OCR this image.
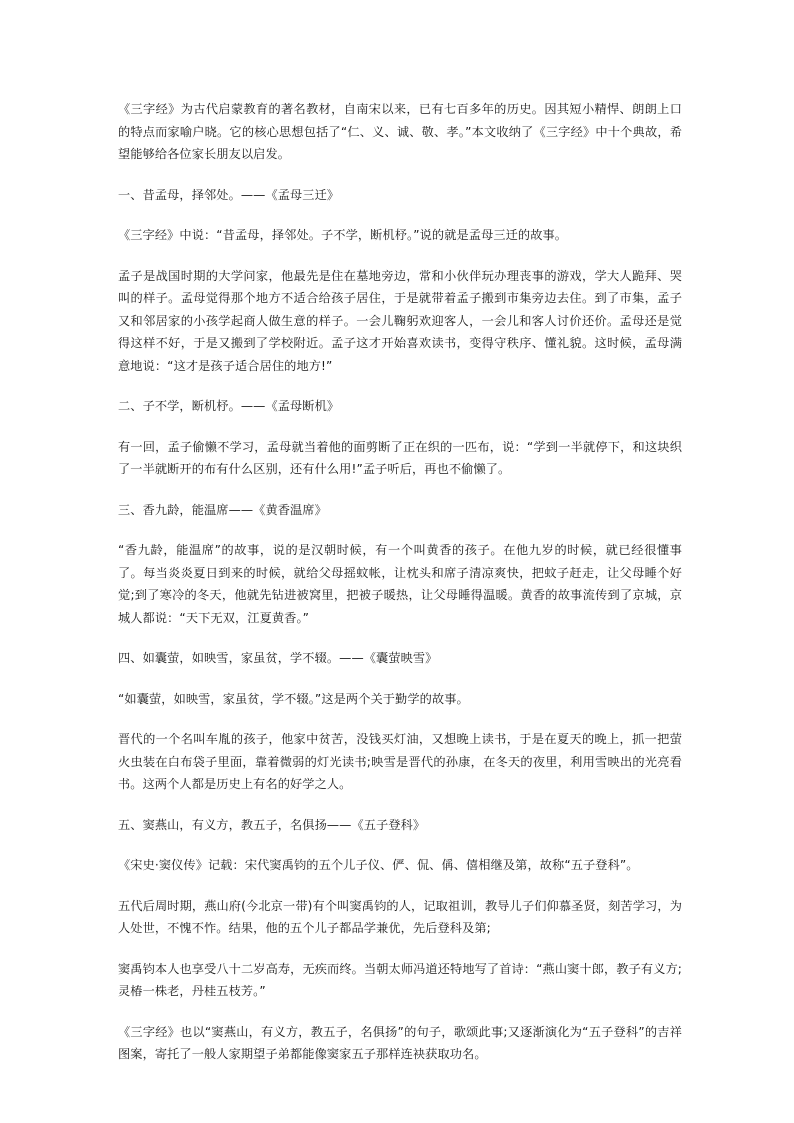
《三字经》为古代启蒙教育的著名教材，自南宋以来，已有七百多年的历史。因其短小精悍、朗朗上口的特点而家喻户晓。它的核心思想包括了“仁、义、诚、敬、孝。”本文收纳了《三字经》中十个典故，希望能够给各位家长朋友以启发。

一、昔孟母，择邻处。——《孟母三迁》

《三字经》中说：“昔孟母，择邻处。子不学，断机杼。”说的就是孟母三迁的故事。

孟子是战国时期的大学问家，他最先是住在墓地旁边，常和小伙伴玩办理丧事的游戏，学大人跪拜、哭叫的样子。孟母觉得那个地方不适合给孩子居住，于是就带着孟子搬到市集旁边去住。到了市集，孟子又和邻居家的小孩学起商人做生意的样子。一会儿鞠躬欢迎客人，一会儿和客人讨价还价。孟母还是觉得这样不好，于是又搬到了学校附近。孟子这才开始喜欢读书，变得守秩序、懂礼貌。这时候，孟母满意地说：“这才是孩子适合居住的地方!”

二、子不学，断机杼。——《孟母断机》

有一回，孟子偷懒不学习，孟母就当着他的面剪断了正在织的一匹布，说：“学到一半就停下，和这块织了一半就断开的布有什么区别，还有什么用!”孟子听后，再也不偷懒了。

三、香九龄，能温席——《黄香温席》

“香九龄，能温席”的故事，说的是汉朝时候，有一个叫黄香的孩子。在他九岁的时候，就已经很懂事了。每当炎炎夏日到来的时候，就给父母摇蚊帐，让枕头和席子清凉爽快，把蚊子赶走，让父母睡个好觉;到了寒冷的冬天，他就先钻进被窝里，把被子暖热，让父母睡得温暖。黄香的故事流传到了京城，京城人都说：“天下无双，江夏黄香。”

四、如囊萤，如映雪，家虽贫，学不辍。——《囊萤映雪》

“如囊萤，如映雪，家虽贫，学不辍。”这是两个关于勤学的故事。

晋代的一个名叫车胤的孩子，他家中贫苦，没钱买灯油，又想晚上读书，于是在夏天的晚上，抓一把萤火虫装在白布袋子里面，靠着微弱的灯光读书;映雪是晋代的孙康，在冬天的夜里，利用雪映出的光亮看书。这两个人都是历史上有名的好学之人。

五、窦燕山，有义方，教五子，名俱扬——《五子登科》

《宋史·窦仪传》记载：宋代窦禹钧的五个儿子仪、俨、侃、偁、僖相继及第，故称“五子登科”。

五代后周时期，燕山府(今北京一带)有个叫窦禹钧的人，记取祖训，教导儿子们仰慕圣贤，刻苦学习，为人处世，不愧不怍。结果，他的五个儿子都品学兼优，先后登科及第;

窦禹钧本人也享受八十二岁高寿，无疾而终。当朝太师冯道还特地写了首诗：“燕山窦十郎，教子有义方;灵椿一株老，丹桂五枝芳。”

《三字经》也以“窦燕山，有义方，教五子，名俱扬”的句子，歌颂此事;又逐渐演化为“五子登科”的吉祥图案，寄托了一般人家期望子弟都能像窦家五子那样连袂获取功名。
